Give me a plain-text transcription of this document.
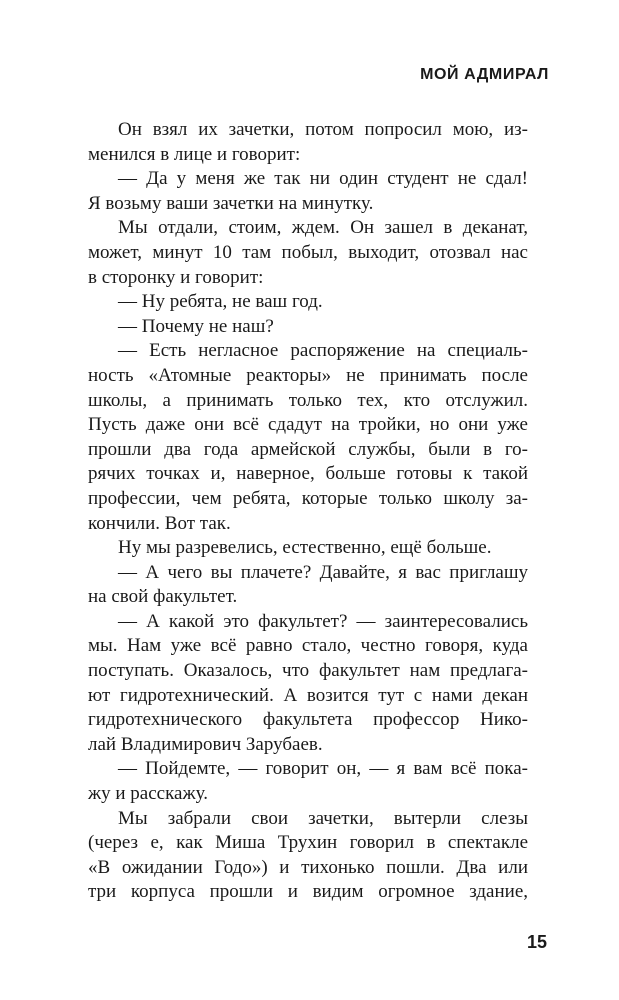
МОЙ АДМИРАЛ
Он взял их зачетки, потом попросил мою, из-
менился в лице и говорит:
— Да у меня же так ни один студент не сдал!
Я возьму ваши зачетки на минутку.
Мы отдали, стоим, ждем. Он зашел в деканат,
может, минут 10 там побыл, выходит, отозвал нас
в сторонку и говорит:
— Ну ребята, не ваш год.
— Почему не наш?
— Есть негласное распоряжение на специаль-
ность «Атомные реакторы» не принимать после
школы, а принимать только тех, кто отслужил.
Пусть даже они всё сдадут на тройки, но они уже
прошли два года армейской службы, были в го-
рячих точках и, наверное, больше готовы к такой
профессии, чем ребята, которые только школу за-
кончили. Вот так.
Ну мы разревелись, естественно, ещё больше.
— А чего вы плачете? Давайте, я вас приглашу
на свой факультет.
— А какой это факультет? — заинтересовались
мы. Нам уже всё равно стало, честно говоря, куда
поступать. Оказалось, что факультет нам предлага-
ют гидротехнический. А возится тут с нами декан
гидротехнического факультета профессор Нико-
лай Владимирович Зарубаев.
— Пойдемте, — говорит он, — я вам всё пока-
жу и расскажу.
Мы забрали свои зачетки, вытерли слезы
(через е, как Миша Трухин говорил в спектакле
«В ожидании Годо») и тихонько пошли. Два или
три корпуса прошли и видим огромное здание,
15
